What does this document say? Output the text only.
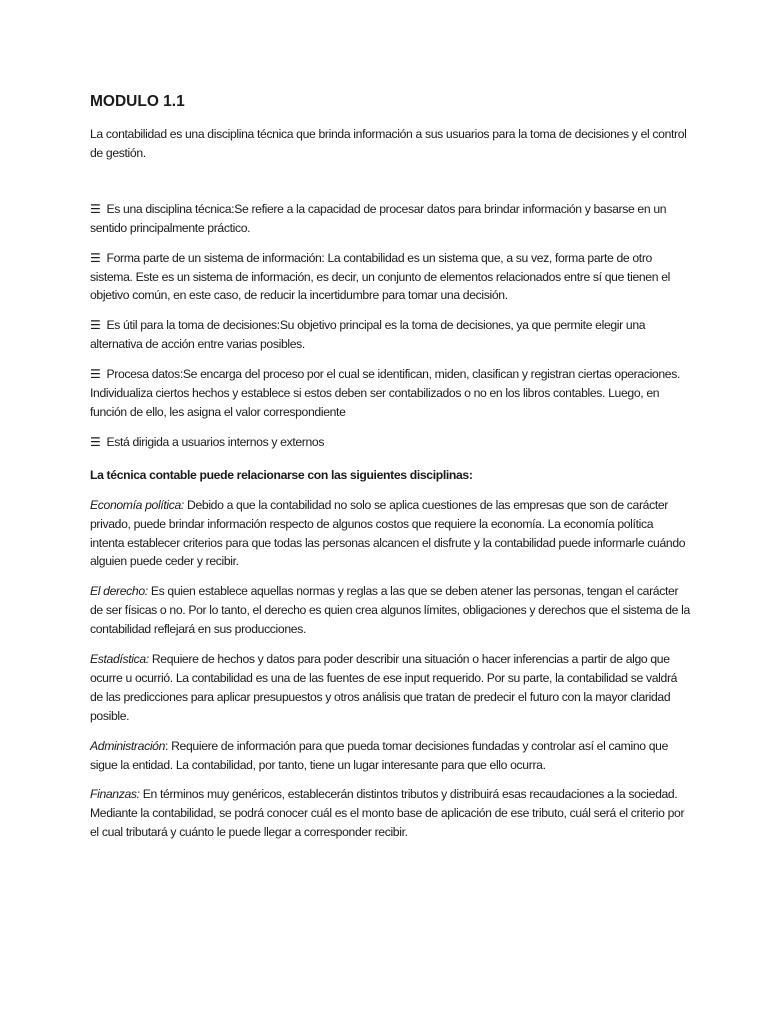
MODULO 1.1

La contabilidad es una disciplina técnica que brinda información a sus usuarios para la toma de decisiones y el control de gestión.

☰ Es una disciplina técnica:Se refiere a la capacidad de procesar datos para brindar información y basarse en un sentido principalmente práctico.

☰ Forma parte de un sistema de información: La contabilidad es un sistema que, a su vez, forma parte de otro sistema. Este es un sistema de información, es decir, un conjunto de elementos relacionados entre sí que tienen el objetivo común, en este caso, de reducir la incertidumbre para tomar una decisión.

☰ Es útil para la toma de decisiones:Su objetivo principal es la toma de decisiones, ya que permite elegir una alternativa de acción entre varias posibles.

☰ Procesa datos:Se encarga del proceso por el cual se identifican, miden, clasifican y registran ciertas operaciones. Individualiza ciertos hechos y establece si estos deben ser contabilizados o no en los libros contables. Luego, en función de ello, les asigna el valor correspondiente

☰ Está dirigida a usuarios internos y externos

La técnica contable puede relacionarse con las siguientes disciplinas:

Economía política: Debido a que la contabilidad no solo se aplica cuestiones de las empresas que son de carácter privado, puede brindar información respecto de algunos costos que requiere la economía. La economía política intenta establecer criterios para que todas las personas alcancen el disfrute y la contabilidad puede informarle cuándo alguien puede ceder y recibir.

El derecho: Es quien establece aquellas normas y reglas a las que se deben atener las personas, tengan el carácter de ser físicas o no. Por lo tanto, el derecho es quien crea algunos límites, obligaciones y derechos que el sistema de la contabilidad reflejará en sus producciones.

Estadística: Requiere de hechos y datos para poder describir una situación o hacer inferencias a partir de algo que ocurre u ocurrió. La contabilidad es una de las fuentes de ese input requerido. Por su parte, la contabilidad se valdrá de las predicciones para aplicar presupuestos y otros análisis que tratan de predecir el futuro con la mayor claridad posible.

Administración: Requiere de información para que pueda tomar decisiones fundadas y controlar así el camino que sigue la entidad. La contabilidad, por tanto, tiene un lugar interesante para que ello ocurra.

Finanzas: En términos muy genéricos, establecerán distintos tributos y distribuirá esas recaudaciones a la sociedad. Mediante la contabilidad, se podrá conocer cuál es el monto base de aplicación de ese tributo, cuál será el criterio por el cual tributará y cuánto le puede llegar a corresponder recibir.
